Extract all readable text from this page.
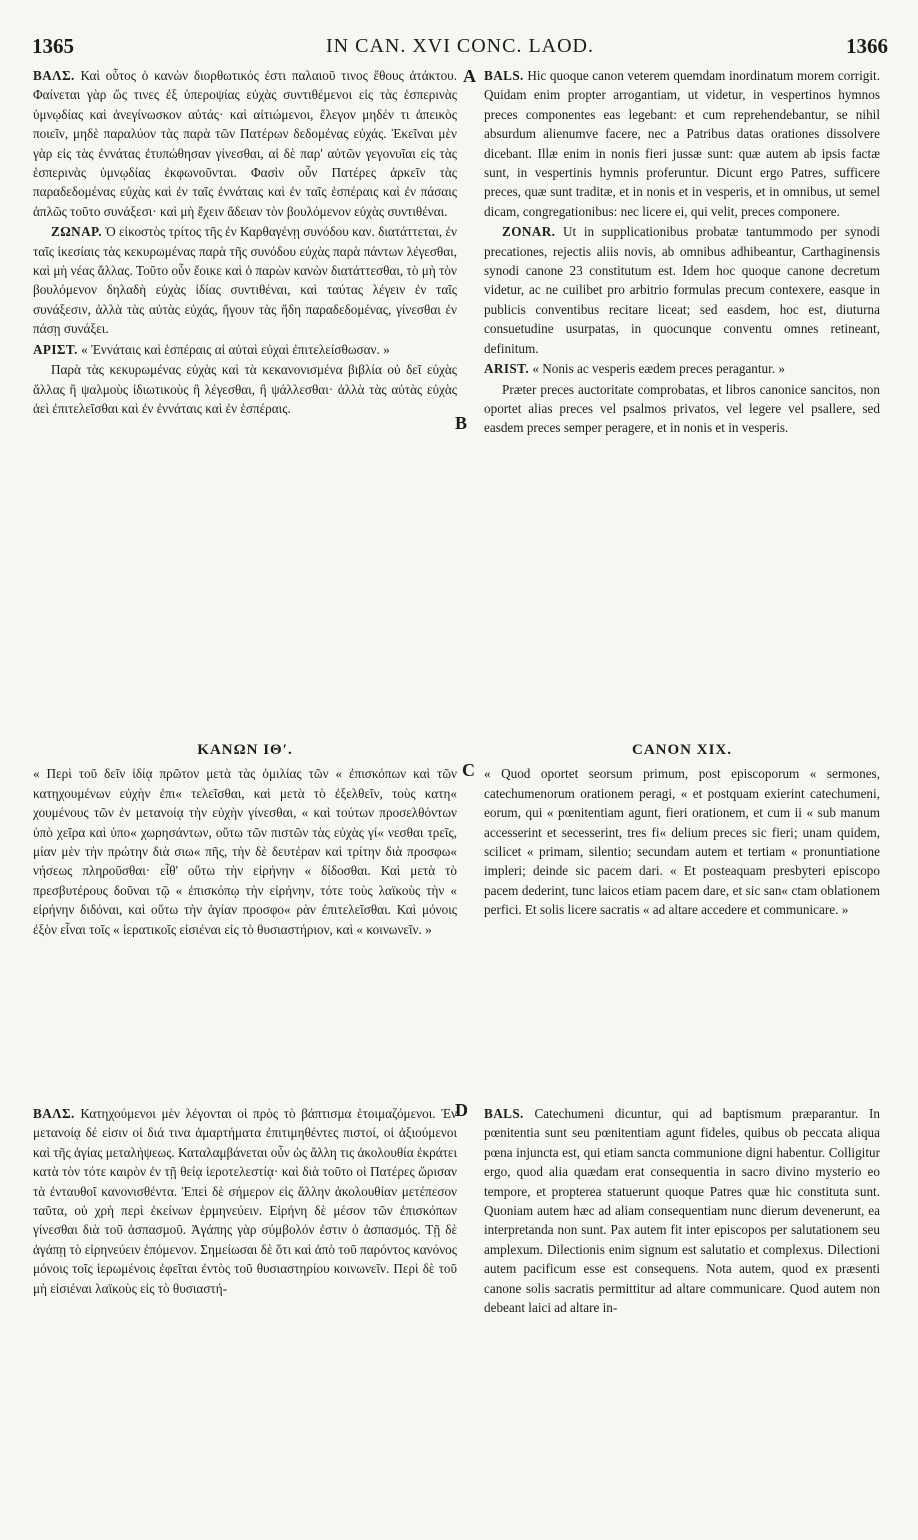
1365	IN CAN. XVI CONC. LAOD.	1366
A
B
C
D

ΒΑΛΣ. Καὶ οὗτος ὁ κανὼν διορθωτικός ἐστι παλαιοῦ τινος ἔθους ἀτάκτου. Φαίνεται γὰρ ὥς τινες ἐξ ὑπεροψίας εὐχὰς συντιθέμενοι εἰς τὰς ἑσπερινὰς ὑμνῳδίας καὶ ἀνεγίνωσκον αὐτάς· καὶ αἰτιώμενοι, ἔλεγον μηδέν τι ἀπεικὸς ποιεῖν, μηδὲ παραλύον τὰς παρὰ τῶν Πατέρων δεδομένας εὐχάς. Ἐκεῖναι μὲν γὰρ εἰς τὰς ἐννάτας ἐτυπώθησαν γίνεσθαι, αἱ δὲ παρ' αὐτῶν γεγονυῖαι εἰς τὰς ἑσπερινὰς ὑμνῳδίας ἐκφωνοῦνται. Φασὶν οὖν Πατέρες ἀρκεῖν τὰς παραδεδομένας εὐχὰς καὶ ἐν ταῖς ἐννάταις καὶ ἐν ταῖς ἑσπέραις καὶ ἐν πάσαις ἁπλῶς τοῦτο συνάξεσι· καὶ μὴ ἔχειν ἄδειαν τὸν βουλόμενον εὐχὰς συντιθέναι.

ΖΩΝΑΡ. Ὁ εἰκοστὸς τρίτος τῆς ἐν Καρθαγένῃ συνόδου καν. διατάττεται, ἐν ταῖς ἱκεσίαις τὰς κεκυρωμένας παρὰ τῆς συνόδου εὐχὰς παρὰ πάντων λέγεσθαι, καὶ μὴ νέας ἄλλας. Τοῦτο οὖν ἔοικε καὶ ὁ παρὼν κανὼν διατάττεσθαι, τὸ μὴ τὸν βουλόμενον δηλαδὴ εὐχὰς ἰδίας συντιθέναι, καὶ ταύτας λέγειν ἐν ταῖς συνάξεσιν, ἀλλὰ τὰς αὐτὰς εὐχάς, ἤγουν τὰς ἤδη παραδεδομένας, γίνεσθαι ἐν πάσῃ συνάξει.

ΑΡΙΣΤ. « Ἐννάταις καὶ ἑσπέραις αἱ αὐταὶ εὐχαὶ ἐπιτελείσθωσαν. »

Παρὰ τὰς κεκυρωμένας εὐχὰς καὶ τὰ κεκανονισμένα βιβλία οὐ δεῖ εὐχὰς ἄλλας ἢ ψαλμοὺς ἰδιωτικοὺς ἢ λέγεσθαι, ἢ ψάλλεσθαι· ἀλλὰ τὰς αὐτὰς εὐχὰς ἀεὶ ἐπιτελεῖσθαι καὶ ἐν ἐννάταις καὶ ἐν ἑσπέραις.

BALS. Hic quoque canon veterem quemdam inordinatum morem corrigit. Quidam enim propter arrogantiam, ut videtur, in vespertinos hymnos preces componentes eas legebant: et cum reprehendebantur, se nihil absurdum alienumve facere, nec a Patribus datas orationes dissolvere dicebant. Illæ enim in nonis fieri jussæ sunt: quæ autem ab ipsis factæ sunt, in vespertinis hymnis proferuntur. Dicunt ergo Patres, sufficere preces, quæ sunt traditæ, et in nonis et in vesperis, et in omnibus, ut semel dicam, congregationibus: nec licere ei, qui velit, preces componere.

ZONAR. Ut in supplicationibus probatæ tantummodo per synodi precationes, rejectis aliis novis, ab omnibus adhibeantur, Carthaginensis synodi canone 23 constitutum est. Idem hoc quoque canone decretum videtur, ac ne cuilibet pro arbitrio formulas precum contexere, easque in publicis conventibus recitare liceat; sed easdem, hoc est, diuturna consuetudine usurpatas, in quocunque conventu omnes retineant, definitum.

ARIST. « Nonis ac vesperis eædem preces peragantur. »

Præter preces auctoritate comprobatas, et libros canonice sancitos, non oportet alias preces vel psalmos privatos, vel legere vel psallere, sed easdem preces semper peragere, et in nonis et in vesperis.

ΚΑΝΩΝ ΙΘʹ.

« Περὶ τοῦ δεῖν ἰδίᾳ πρῶτον μετὰ τὰς ὁμιλίας τῶν « ἐπισκόπων καὶ τῶν κατηχουμένων εὐχὴν ἐπι« τελεῖσθαι, καὶ μετὰ τὸ ἐξελθεῖν, τοὺς κατη« χουμένους τῶν ἐν μετανοίᾳ τὴν εὐχὴν γίνεσθαι, « καὶ τούτων προσελθόντων ὑπὸ χεῖρα καὶ ὑπο« χωρησάντων, οὕτω τῶν πιστῶν τὰς εὐχὰς γί« νεσθαι τρεῖς, μίαν μὲν τὴν πρώτην διὰ σιω« πῆς, τὴν δὲ δευτέραν καὶ τρίτην διὰ προσφω« νήσεως πληροῦσθαι· εἶθ' οὕτω τὴν εἰρήνην « δίδοσθαι. Καὶ μετὰ τὸ πρεσβυτέρους δοῦναι τῷ « ἐπισκόπῳ τὴν εἰρήνην, τότε τοὺς λαϊκοὺς τὴν « εἰρήνην διδόναι, καὶ οὕτω τὴν ἁγίαν προσφο« ρὰν ἐπιτελεῖσθαι. Καὶ μόνοις ἐξὸν εἶναι τοῖς « ἱερατικοῖς εἰσιέναι εἰς τὸ θυσιαστήριον, καὶ « κοινωνεῖν. »

CANON XIX.

« Quod oportet seorsum primum, post episcoporum « sermones, catechumenorum orationem peragi, « et postquam exierint catechumeni, eorum, qui « pœnitentiam agunt, fieri orationem, et cum ii « sub manum accesserint et secesserint, tres fi« delium preces sic fieri; unam quidem, scilicet « primam, silentio; secundam autem et tertiam « pronuntiatione impleri; deinde sic pacem dari. « Et posteaquam presbyteri episcopo pacem dederint, tunc laicos etiam pacem dare, et sic san« ctam oblationem perfici. Et solis licere sacratis « ad altare accedere et communicare. »

ΒΑΛΣ. Κατηχούμενοι μὲν λέγονται οἱ πρὸς τὸ βάπτισμα ἑτοιμαζόμενοι. Ἐν μετανοίᾳ δέ εἰσιν οἱ διά τινα ἁμαρτήματα ἐπιτιμηθέντες πιστοί, οἱ ἀξιούμενοι καὶ τῆς ἁγίας μεταλήψεως. Καταλαμβάνεται οὖν ὡς ἄλλη τις ἀκολουθία ἐκράτει κατὰ τὸν τότε καιρὸν ἐν τῇ θείᾳ ἱεροτελεστίᾳ· καὶ διὰ τοῦτο οἱ Πατέρες ὥρισαν τὰ ἐνταυθοῖ κανονισθέντα. Ἐπεὶ δὲ σήμερον εἰς ἄλλην ἀκολουθίαν μετέπεσον ταῦτα, οὐ χρὴ περὶ ἐκείνων ἑρμηνεύειν. Εἰρήνη δὲ μέσον τῶν ἐπισκόπων γίνεσθαι διὰ τοῦ ἀσπασμοῦ. Ἀγάπης γὰρ σύμβολόν ἐστιν ὁ ἀσπασμός. Τῇ δὲ ἀγάπῃ τὸ εἰρηνεύειν ἑπόμενον. Σημείωσαι δὲ ὅτι καὶ ἀπὸ τοῦ παρόντος κανόνος μόνοις τοῖς ἱερωμένοις ἐφεῖται ἐντὸς τοῦ θυσιαστηρίου κοινωνεῖν. Περὶ δὲ τοῦ μὴ εἰσιέναι λαϊκοὺς εἰς τὸ θυσιαστή-

BALS. Catechumeni dicuntur, qui ad baptismum præparantur. In pœnitentia sunt seu pœnitentiam agunt fideles, quibus ob peccata aliqua pœna injuncta est, qui etiam sancta communione digni habentur. Colligitur ergo, quod alia quædam erat consequentia in sacro divino mysterio eo tempore, et propterea statuerunt quoque Patres quæ hic constituta sunt. Quoniam autem hæc ad aliam consequentiam nunc dierum devenerunt, ea interpretanda non sunt. Pax autem fit inter episcopos per salutationem seu amplexum. Dilectionis enim signum est salutatio et complexus. Dilectioni autem pacificum esse est consequens. Nota autem, quod ex præsenti canone solis sacratis permittitur ad altare communicare. Quod autem non debeant laici ad altare in-
